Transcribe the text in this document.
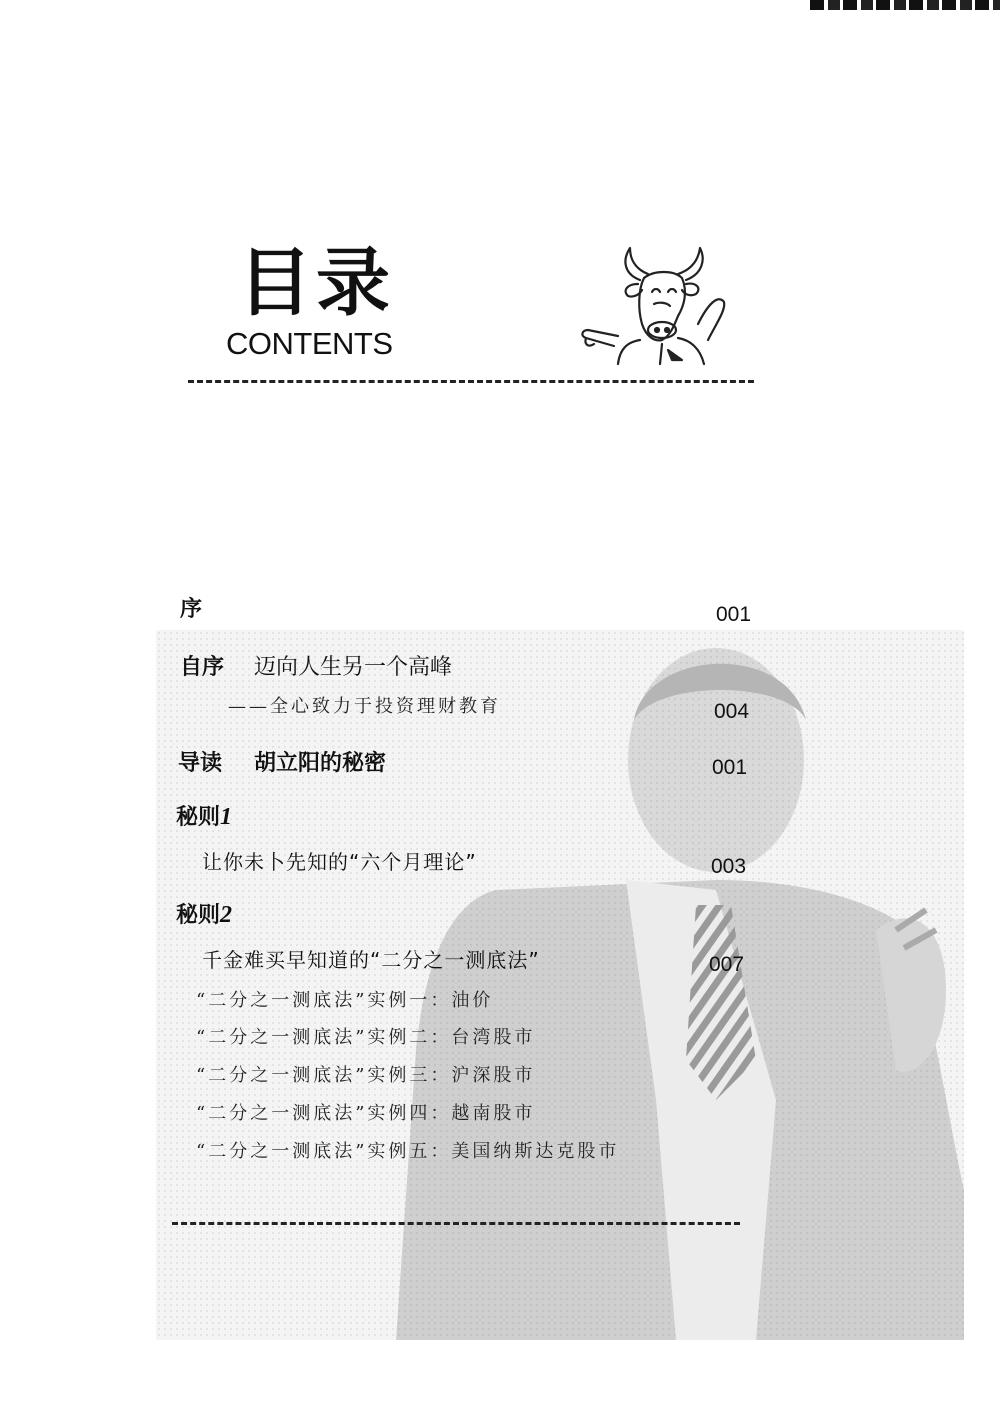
目录
CONTENTS
序	001
自序 迈向人生另一个高峰
——全心致力于投资理财教育	004
导读 胡立阳的秘密	001
秘则1
让你未卜先知的“六个月理论”	003
秘则2
千金难买早知道的“二分之一测底法”	007
“二分之一测底法”实例一：油价
“二分之一测底法”实例二：台湾股市
“二分之一测底法”实例三：沪深股市
“二分之一测底法”实例四：越南股市
“二分之一测底法”实例五：美国纳斯达克股市
